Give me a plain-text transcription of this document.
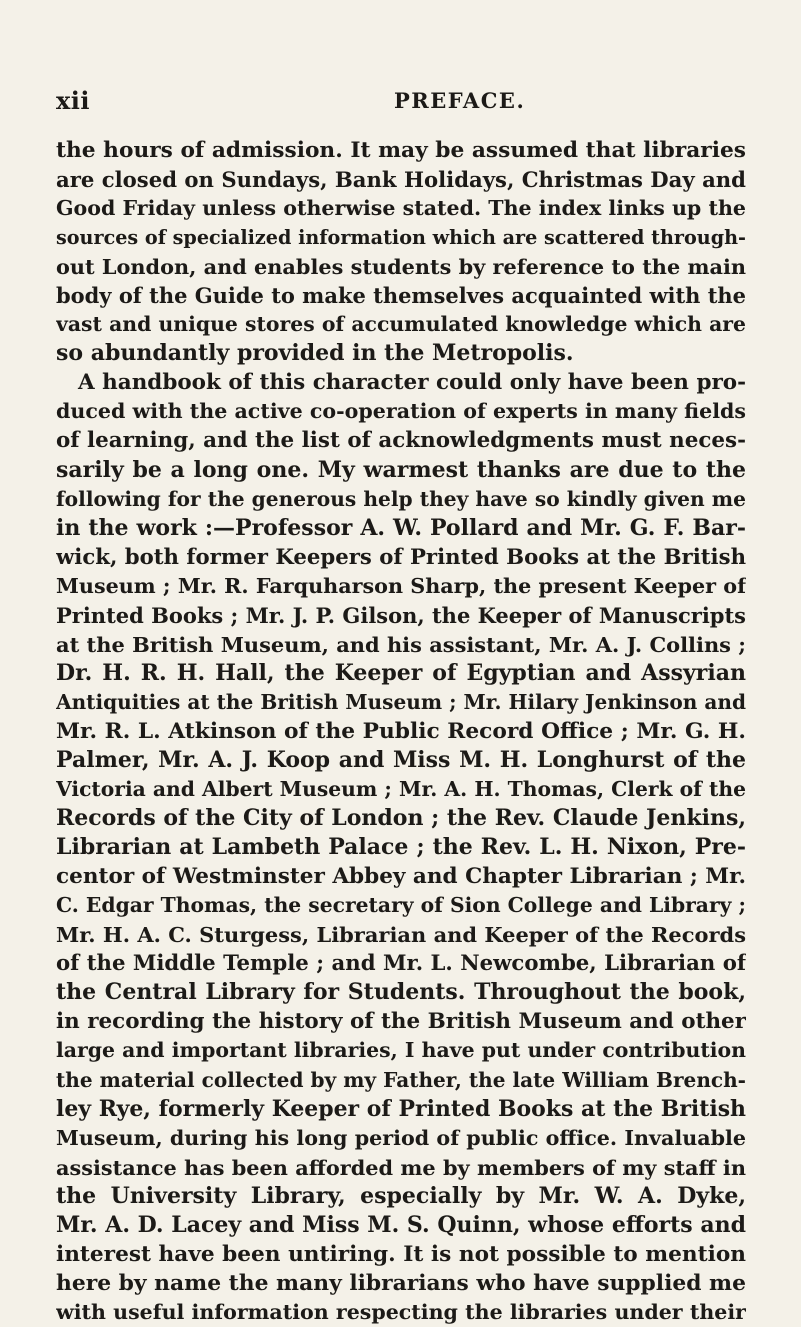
xii	PREFACE.
the hours of admission. It may be assumed that libraries
are closed on Sundays, Bank Holidays, Christmas Day and
Good Friday unless otherwise stated. The index links up the
sources of specialized information which are scattered through-
out London, and enables students by reference to the main
body of the Guide to make themselves acquainted with the
vast and unique stores of accumulated knowledge which are
so abundantly provided in the Metropolis.
A handbook of this character could only have been pro-
duced with the active co-operation of experts in many fields
of learning, and the list of acknowledgments must neces-
sarily be a long one. My warmest thanks are due to the
following for the generous help they have so kindly given me
in the work :—Professor A. W. Pollard and Mr. G. F. Bar-
wick, both former Keepers of Printed Books at the British
Museum ; Mr. R. Farquharson Sharp, the present Keeper of
Printed Books ; Mr. J. P. Gilson, the Keeper of Manuscripts
at the British Museum, and his assistant, Mr. A. J. Collins ;
Dr. H. R. H. Hall, the Keeper of Egyptian and Assyrian
Antiquities at the British Museum ; Mr. Hilary Jenkinson and
Mr. R. L. Atkinson of the Public Record Office ; Mr. G. H.
Palmer, Mr. A. J. Koop and Miss M. H. Longhurst of the
Victoria and Albert Museum ; Mr. A. H. Thomas, Clerk of the
Records of the City of London ; the Rev. Claude Jenkins,
Librarian at Lambeth Palace ; the Rev. L. H. Nixon, Pre-
centor of Westminster Abbey and Chapter Librarian ; Mr.
C. Edgar Thomas, the secretary of Sion College and Library ;
Mr. H. A. C. Sturgess, Librarian and Keeper of the Records
of the Middle Temple ; and Mr. L. Newcombe, Librarian of
the Central Library for Students. Throughout the book,
in recording the history of the British Museum and other
large and important libraries, I have put under contribution
the material collected by my Father, the late William Brench-
ley Rye, formerly Keeper of Printed Books at the British
Museum, during his long period of public office. Invaluable
assistance has been afforded me by members of my staff in
the University Library, especially by Mr. W. A. Dyke,
Mr. A. D. Lacey and Miss M. S. Quinn, whose efforts and
interest have been untiring. It is not possible to mention
here by name the many librarians who have supplied me
with useful information respecting the libraries under their
